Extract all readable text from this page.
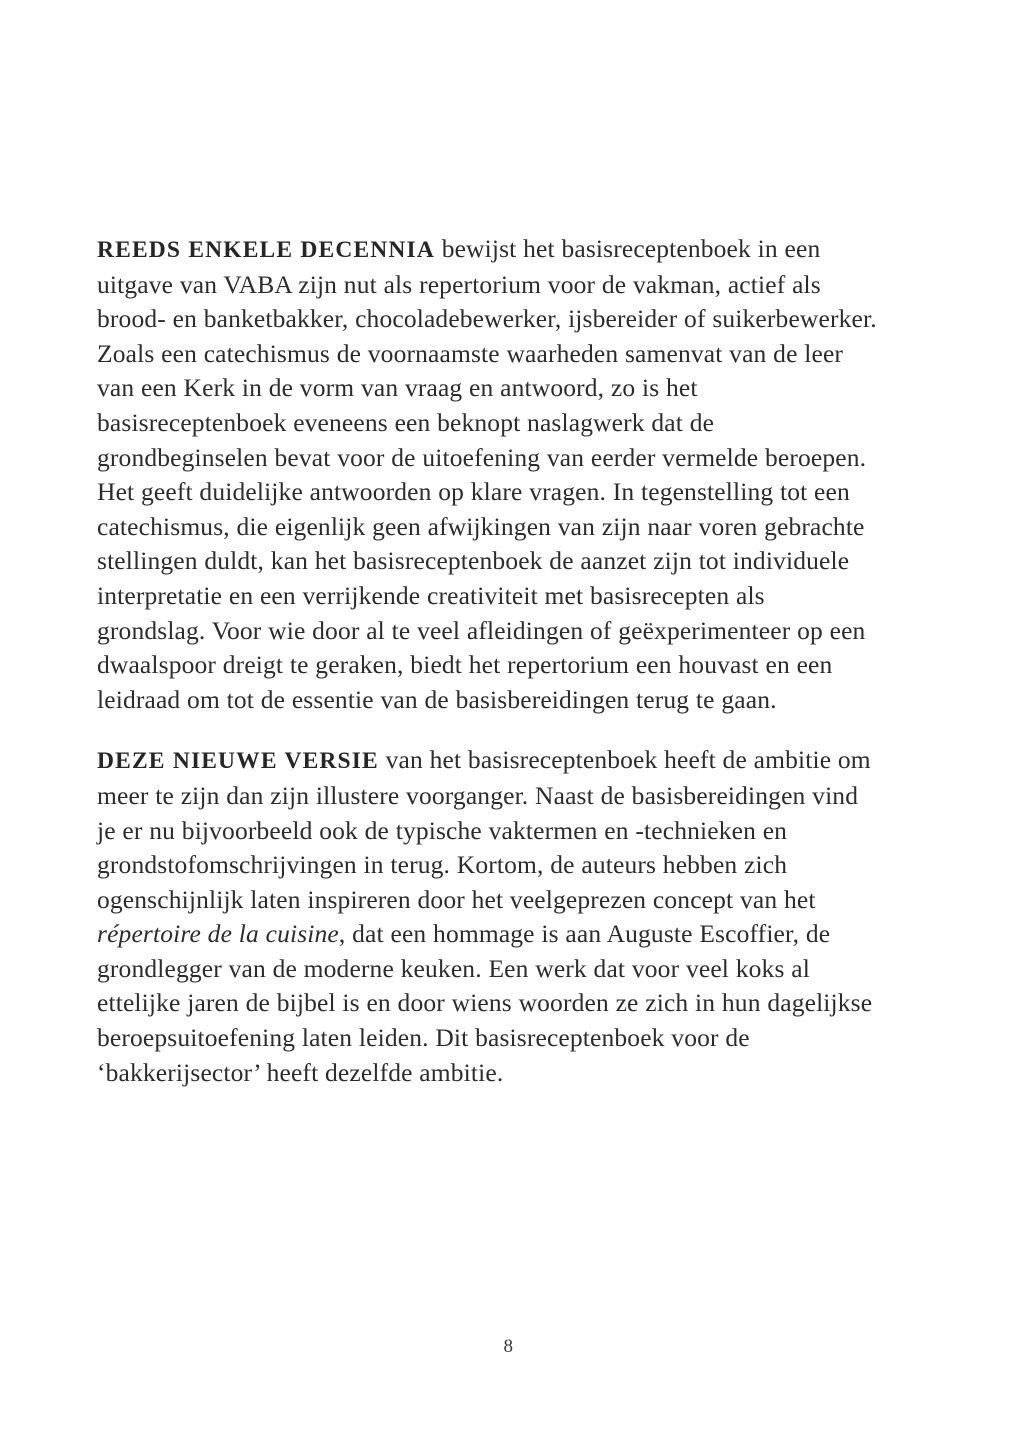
REEDS ENKELE DECENNIA bewijst het basisreceptenboek in een uitgave van VABA zijn nut als repertorium voor de vakman, actief als brood- en banketbakker, chocoladebewerker, ijsbereider of suikerbewerker. Zoals een catechismus de voornaamste waarheden samenvat van de leer van een Kerk in de vorm van vraag en antwoord, zo is het basisreceptenboek eveneens een beknopt naslagwerk dat de grondbeginselen bevat voor de uitoefening van eerder vermelde beroepen. Het geeft duidelijke antwoorden op klare vragen. In tegenstelling tot een catechismus, die eigenlijk geen afwijkingen van zijn naar voren gebrachte stellingen duldt, kan het basisreceptenboek de aanzet zijn tot individuele interpretatie en een verrijkende creativiteit met basisrecepten als grondslag. Voor wie door al te veel afleidingen of geëxperimenteer op een dwaalspoor dreigt te geraken, biedt het repertorium een houvast en een leidraad om tot de essentie van de basisbereidingen terug te gaan.

DEZE NIEUWE VERSIE van het basisreceptenboek heeft de ambitie om meer te zijn dan zijn illustere voorganger. Naast de basisbereidingen vind je er nu bijvoorbeeld ook de typische vaktermen en -technieken en grondstofomschrijvingen in terug. Kortom, de auteurs hebben zich ogenschijnlijk laten inspireren door het veelgeprezen concept van het répertoire de la cuisine, dat een hommage is aan Auguste Escoffier, de grondlegger van de moderne keuken. Een werk dat voor veel koks al ettelijke jaren de bijbel is en door wiens woorden ze zich in hun dagelijkse beroepsuitoefening laten leiden. Dit basisreceptenboek voor de ‘bakkerijsector’ heeft dezelfde ambitie.

8
